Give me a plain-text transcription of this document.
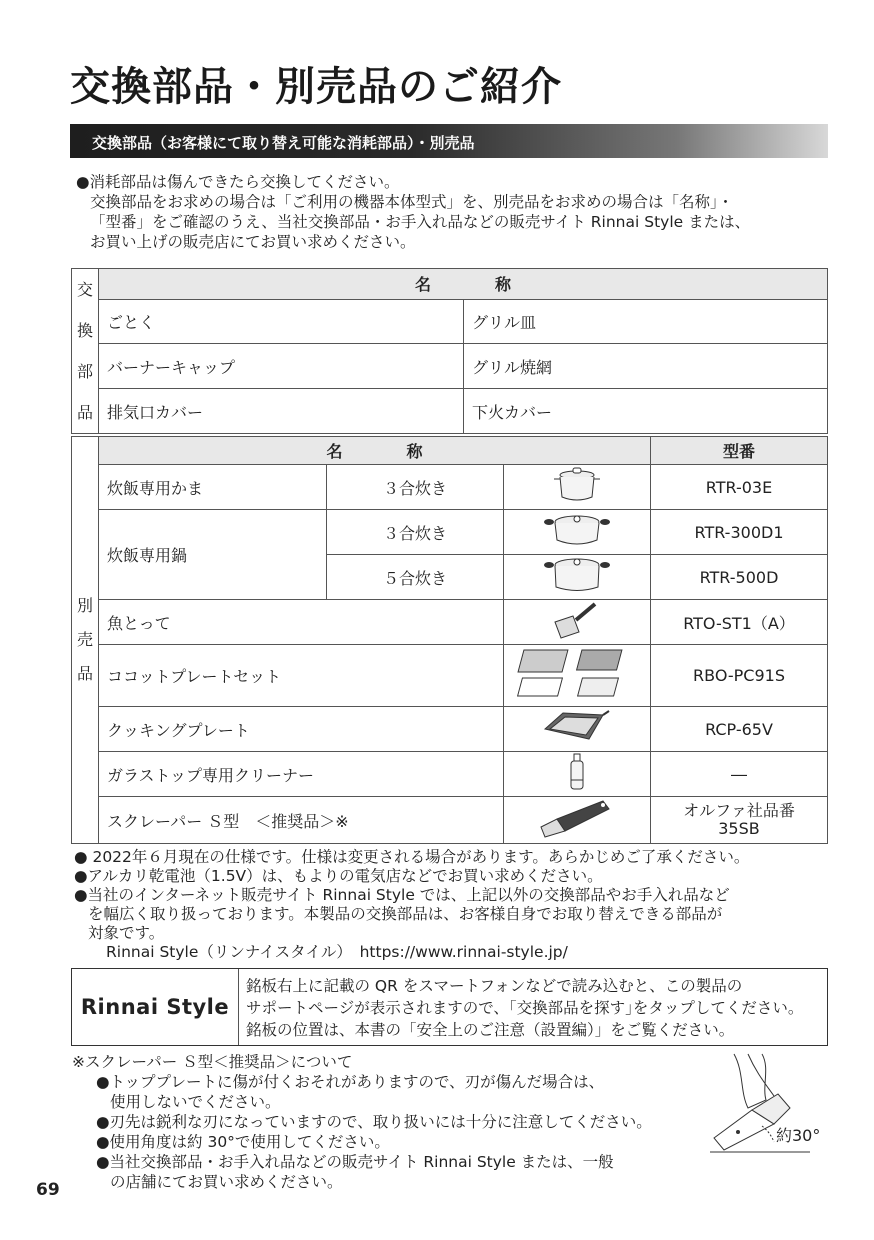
交換部品・別売品のご紹介
交換部品（お客様にて取り替え可能な消耗部品）・別売品
●消耗部品は傷んできたら交換してください。
交換部品をお求めの場合は「ご利用の機器本体型式」を、別売品をお求めの場合は「名称」・
「型番」をご確認のうえ、当社交換部品・お手入れ品などの販売サイト Rinnai Style または、
お買い上げの販売店にてお買い求めください。
交
換
部
品	名　　　　称	
	ごとく	グリル皿
	バーナーキャップ	グリル焼網
	排気口カバー	下火カバー
別
売
品	名　　　　称			型番
	炊飯専用かま	３合炊き		RTR-03E
	炊飯専用鍋	３合炊き		RTR-300D1
		５合炊き		RTR-500D
	魚とって			RTO-ST1（A）
	ココットプレートセット			RBO-PC91S
	クッキングプレート			RCP-65V
	ガラストップ専用クリーナー			―
	スクレーパー Ｓ型　＜推奨品＞※			オルファ社品番
35SB
● 2022年６月現在の仕様です。仕様は変更される場合があります。あらかじめご了承ください。
●アルカリ乾電池（1.5V）は、もよりの電気店などでお買い求めください。
●当社のインターネット販売サイト Rinnai Style では、上記以外の交換部品やお手入れ品など
を幅広く取り扱っております。本製品の交換部品は、お客様自身でお取り替えできる部品が
対象です。
Rinnai Style（リンナイスタイル）　https://www.rinnai-style.jp/
Rinnai Style
銘板右上に記載の QR をスマートフォンなどで読み込むと、この製品の
サポートページが表示されますので、｢交換部品を探す｣をタップしてください。
銘板の位置は、本書の「安全上のご注意（設置編）」をご覧ください。
※スクレーパー Ｓ型＜推奨品＞について
●トッププレートに傷が付くおそれがありますので、刃が傷んだ場合は、
使用しないでください。
●刃先は鋭利な刃になっていますので、取り扱いには十分に注意してください。
●使用角度は約 30°で使用してください。
●当社交換部品・お手入れ品などの販売サイト Rinnai Style または、一般
の店舗にてお買い求めください。
約30°
69
